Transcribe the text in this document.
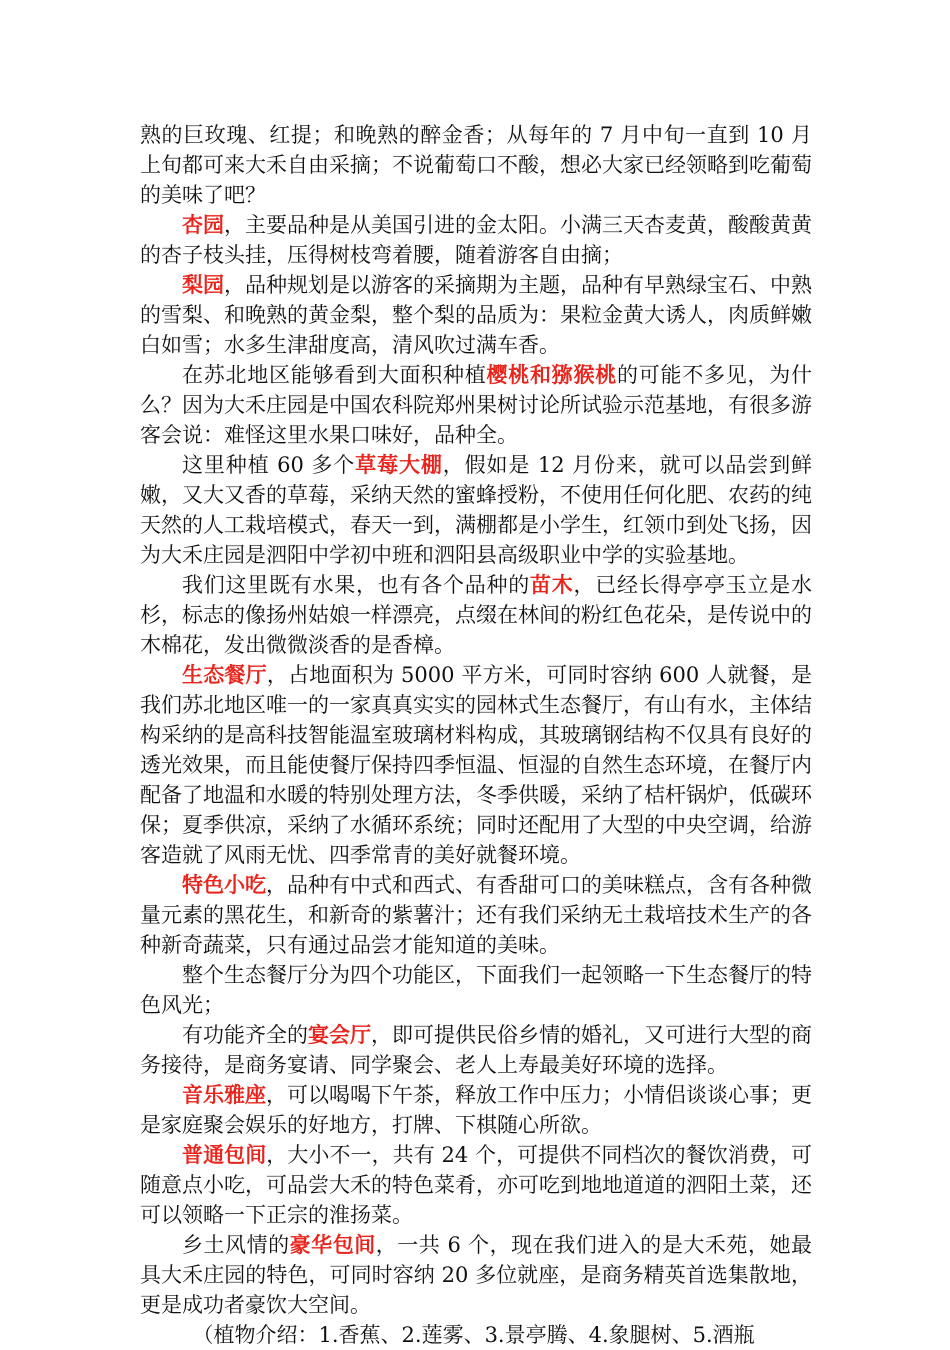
熟的巨玫瑰、红提；和晚熟的醉金香；从每年的 7 月中旬一直到 10 月上旬都可来大禾自由采摘；不说葡萄口不酸，想必大家已经领略到吃葡萄的美味了吧？

杏园，主要品种是从美国引进的金太阳。小满三天杏麦黄，酸酸黄黄的杏子枝头挂，压得树枝弯着腰，随着游客自由摘；

梨园，品种规划是以游客的采摘期为主题，品种有早熟绿宝石、中熟的雪梨、和晚熟的黄金梨，整个梨的品质为：果粒金黄大诱人，肉质鲜嫩白如雪；水多生津甜度高，清风吹过满车香。

在苏北地区能够看到大面积种植樱桃和猕猴桃的可能不多见，为什么？因为大禾庄园是中国农科院郑州果树讨论所试验示范基地，有很多游客会说：难怪这里水果口味好，品种全。

这里种植 60 多个草莓大棚，假如是 12 月份来，就可以品尝到鲜嫩，又大又香的草莓，采纳天然的蜜蜂授粉，不使用任何化肥、农药的纯天然的人工栽培模式，春天一到，满棚都是小学生，红领巾到处飞扬，因为大禾庄园是泗阳中学初中班和泗阳县高级职业中学的实验基地。

我们这里既有水果，也有各个品种的苗木，已经长得亭亭玉立是水杉，标志的像扬州姑娘一样漂亮，点缀在林间的粉红色花朵，是传说中的木棉花，发出微微淡香的是香樟。

生态餐厅，占地面积为 5000 平方米，可同时容纳 600 人就餐，是我们苏北地区唯一的一家真真实实的园林式生态餐厅，有山有水，主体结构采纳的是高科技智能温室玻璃材料构成，其玻璃钢结构不仅具有良好的透光效果，而且能使餐厅保持四季恒温、恒湿的自然生态环境，在餐厅内配备了地温和水暖的特别处理方法，冬季供暖，采纳了桔杆锅炉，低碳环保；夏季供凉，采纳了水循环系统；同时还配用了大型的中央空调，给游客造就了风雨无忧、四季常青的美好就餐环境。

特色小吃，品种有中式和西式、有香甜可口的美味糕点，含有各种微量元素的黑花生，和新奇的紫薯汁；还有我们采纳无土栽培技术生产的各种新奇蔬菜，只有通过品尝才能知道的美味。

整个生态餐厅分为四个功能区，下面我们一起领略一下生态餐厅的特色风光；

有功能齐全的宴会厅，即可提供民俗乡情的婚礼，又可进行大型的商务接待，是商务宴请、同学聚会、老人上寿最美好环境的选择。

音乐雅座，可以喝喝下午茶，释放工作中压力；小情侣谈谈心事；更是家庭聚会娱乐的好地方，打牌、下棋随心所欲。

普通包间，大小不一，共有 24 个，可提供不同档次的餐饮消费，可随意点小吃，可品尝大禾的特色菜肴，亦可吃到地地道道的泗阳土菜，还可以领略一下正宗的淮扬菜。

乡土风情的豪华包间，一共 6 个，现在我们进入的是大禾苑，她最具大禾庄园的特色，可同时容纳 20 多位就座，是商务精英首选集散地，更是成功者豪饮大空间。

（植物介绍：1.香蕉、2.莲雾、3.景亭腾、4.象腿树、5.酒瓶
